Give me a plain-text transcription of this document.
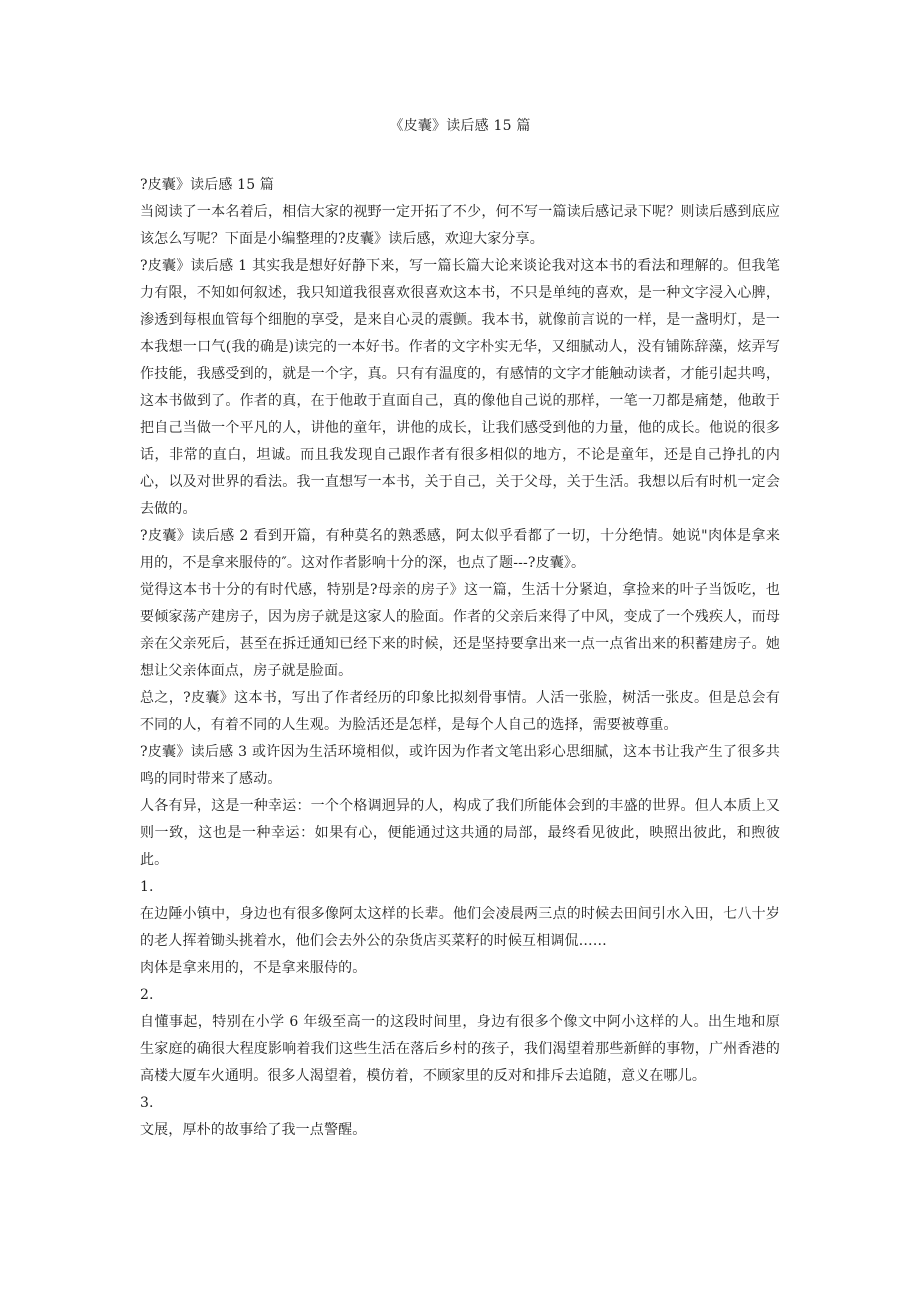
《皮囊》读后感 15 篇

?皮囊》读后感 15 篇

当阅读了一本名着后，相信大家的视野一定开拓了不少，何不写一篇读后感记录下呢？则读后感到底应该怎么写呢？下面是小编整理的?皮囊》读后感，欢迎大家分享。

?皮囊》读后感 1 其实我是想好好静下来，写一篇长篇大论来谈论我对这本书的看法和理解的。但我笔力有限，不知如何叙述，我只知道我很喜欢很喜欢这本书，不只是单纯的喜欢，是一种文字浸入心脾，渗透到每根血管每个细胞的享受，是来自心灵的震颤。我本书，就像前言说的一样，是一盏明灯，是一本我想一口气(我的确是)读完的一本好书。作者的文字朴实无华，又细腻动人，没有铺陈辞藻，炫弄写作技能，我感受到的，就是一个字，真。只有有温度的，有感情的文字才能触动读者，才能引起共鸣，这本书做到了。作者的真，在于他敢于直面自己，真的像他自己说的那样，一笔一刀都是痛楚，他敢于把自己当做一个平凡的人，讲他的童年，讲他的成长，让我们感受到他的力量，他的成长。他说的很多话，非常的直白，坦诚。而且我发现自己跟作者有很多相似的地方，不论是童年，还是自己挣扎的内心，以及对世界的看法。我一直想写一本书，关于自己，关于父母，关于生活。我想以后有时机一定会去做的。

?皮囊》读后感 2 看到开篇，有种莫名的熟悉感，阿太似乎看都了一切，十分绝情。她说"肉体是拿来用的，不是拿来服侍的″。这对作者影响十分的深，也点了题---?皮囊》。

觉得这本书十分的有时代感，特别是?母亲的房子》这一篇，生活十分紧迫，拿捡来的叶子当饭吃，也要倾家荡产建房子，因为房子就是这家人的脸面。作者的父亲后来得了中风，变成了一个残疾人，而母亲在父亲死后，甚至在拆迁通知已经下来的时候，还是坚持要拿出来一点一点省出来的积蓄建房子。她想让父亲体面点，房子就是脸面。

总之，?皮囊》这本书，写出了作者经历的印象比拟刻骨事情。人活一张脸，树活一张皮。但是总会有不同的人，有着不同的人生观。为脸活还是怎样，是每个人自己的选择，需要被尊重。

?皮囊》读后感 3 或许因为生活环境相似，或许因为作者文笔出彩心思细腻，这本书让我产生了很多共鸣的同时带来了感动。

人各有异，这是一种幸运：一个个格调迥异的人，构成了我们所能体会到的丰盛的世界。但人本质上又则一致，这也是一种幸运：如果有心，便能通过这共通的局部，最终看见彼此，映照出彼此，和煦彼此。

1.

在边陲小镇中，身边也有很多像阿太这样的长辈。他们会凌晨两三点的时候去田间引水入田，七八十岁的老人挥着锄头挑着水，他们会去外公的杂货店买菜籽的时候互相调侃……

肉体是拿来用的，不是拿来服侍的。

2.

自懂事起，特别在小学 6 年级至高一的这段时间里，身边有很多个像文中阿小这样的人。出生地和原生家庭的确很大程度影响着我们这些生活在落后乡村的孩子，我们渴望着那些新鲜的事物，广州香港的高楼大厦车火通明。很多人渴望着，模仿着，不顾家里的反对和排斥去追随，意义在哪儿。

3.

文展，厚朴的故事给了我一点警醒。
